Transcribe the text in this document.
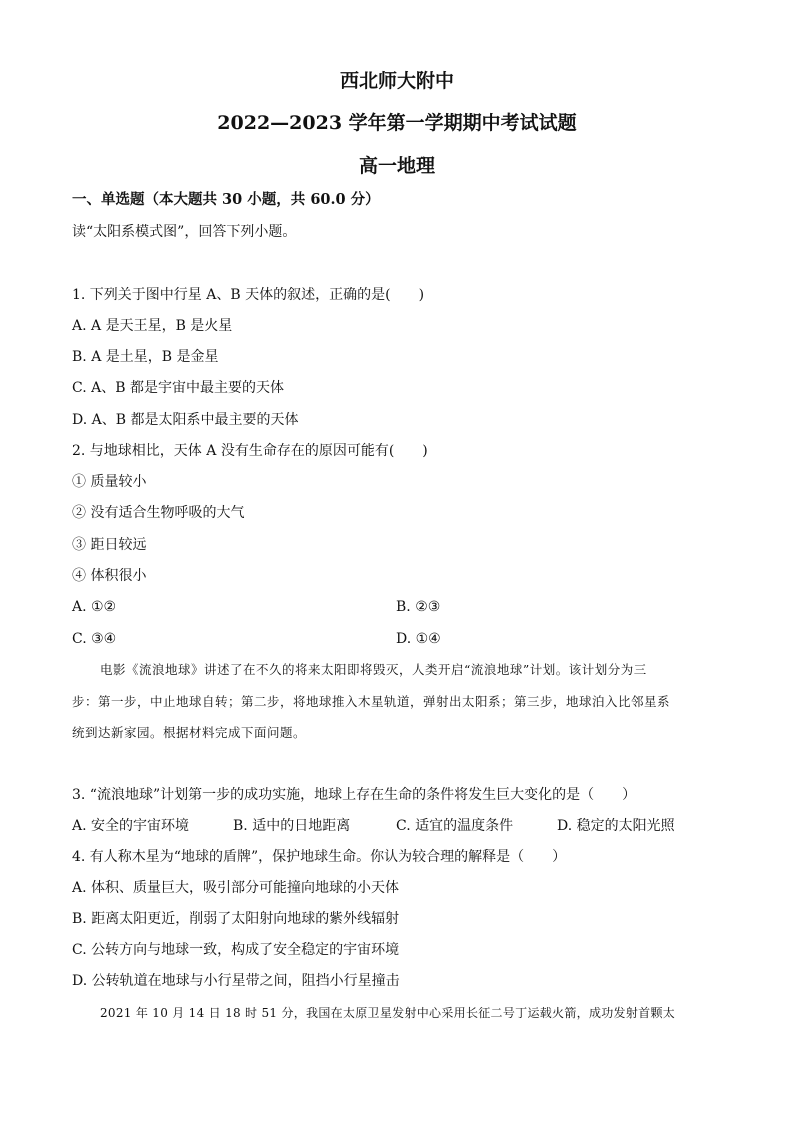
西北师大附中
2022—2023 学年第一学期期中考试试题
高一地理
一、单选题（本大题共 30 小题，共 60.0 分）
读“太阳系模式图”，回答下列小题。
1. 下列关于图中行星 A、B 天体的叙述，正确的是(　　)
A. A 是天王星，B 是火星
B. A 是土星，B 是金星
C. A、B 都是宇宙中最主要的天体
D. A、B 都是太阳系中最主要的天体
2. 与地球相比，天体 A 没有生命存在的原因可能有(　　)
① 质量较小
② 没有适合生物呼吸的大气
③ 距日较远
④ 体积很小
A. ①②	B. ②③
C. ③④	D. ①④
电影《流浪地球》讲述了在不久的将来太阳即将毁灭，人类开启“流浪地球”计划。该计划分为三
步：第一步，中止地球自转；第二步，将地球推入木星轨道，弹射出太阳系；第三步，地球泊入比邻星系
统到达新家园。根据材料完成下面问题。
3. “流浪地球”计划第一步的成功实施，地球上存在生命的条件将发生巨大变化的是（　　）
A. 安全的宇宙环境	B. 适中的日地距离	C. 适宜的温度条件	D. 稳定的太阳光照
4. 有人称木星为“地球的盾牌”，保护地球生命。你认为较合理的解释是（　　）
A. 体积、质量巨大，吸引部分可能撞向地球的小天体
B. 距离太阳更近，削弱了太阳射向地球的紫外线辐射
C. 公转方向与地球一致，构成了安全稳定的宇宙环境
D. 公转轨道在地球与小行星带之间，阻挡小行星撞击
2021 年 10 月 14 日 18 时 51 分，我国在太原卫星发射中心采用长征二号丁运载火箭，成功发射首颗太
